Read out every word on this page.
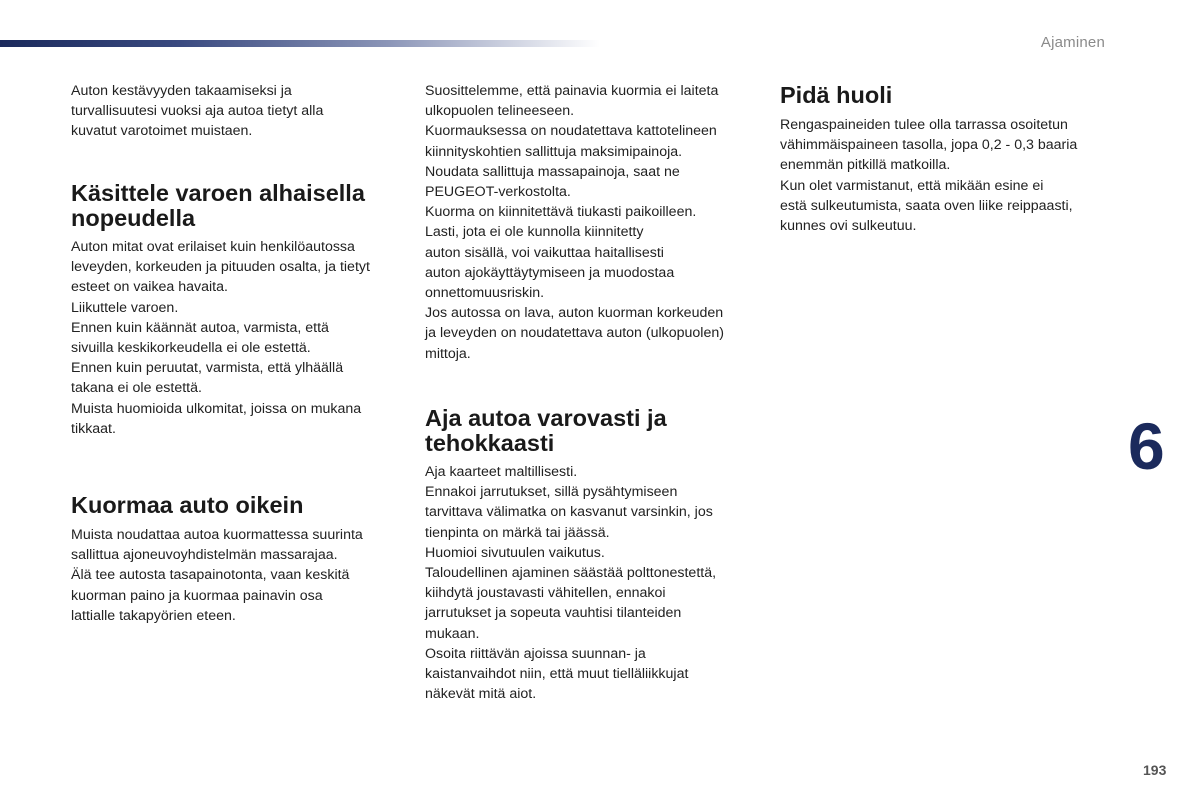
Ajaminen

Auton kestävyyden takaamiseksi ja

turvallisuutesi vuoksi aja autoa tietyt alla

kuvatut varotoimet muistaen.

Käsittele varoen alhaisella
nopeudella

Auton mitat ovat erilaiset kuin henkilöautossa

leveyden, korkeuden ja pituuden osalta, ja tietyt

esteet on vaikea havaita.

Liikuttele varoen.

Ennen kuin käännät autoa, varmista, että

sivuilla keskikorkeudella ei ole estettä.

Ennen kuin peruutat, varmista, että ylhäällä

takana ei ole estettä.

Muista huomioida ulkomitat, joissa on mukana

tikkaat.

Kuormaa auto oikein

Muista noudattaa autoa kuormattessa suurinta

sallittua ajoneuvoyhdistelmän massarajaa.

Älä tee autosta tasapainotonta, vaan keskitä

kuorman paino ja kuormaa painavin osa

lattialle takapyörien eteen.

Suosittelemme, että painavia kuormia ei laiteta

ulkopuolen telineeseen.

Kuormauksessa on noudatettava kattotelineen

kiinnityskohtien sallittuja maksimipainoja.

Noudata sallittuja massapainoja, saat ne

PEUGEOT-verkostolta.

Kuorma on kiinnitettävä tiukasti paikoilleen.

Lasti, jota ei ole kunnolla kiinnitetty

auton sisällä, voi vaikuttaa haitallisesti

auton ajokäyttäytymiseen ja muodostaa

onnettomuusriskin.

Jos autossa on lava, auton kuorman korkeuden

ja leveyden on noudatettava auton (ulkopuolen)

mittoja.

Aja autoa varovasti ja
tehokkaasti

Aja kaarteet maltillisesti.

Ennakoi jarrutukset, sillä pysähtymiseen

tarvittava välimatka on kasvanut varsinkin, jos

tienpinta on märkä tai jäässä.

Huomioi sivutuulen vaikutus.

Taloudellinen ajaminen säästää polttonestettä,

kiihdytä joustavasti vähitellen, ennakoi

jarrutukset ja sopeuta vauhtisi tilanteiden

mukaan.

Osoita riittävän ajoissa suunnan- ja

kaistanvaihdot niin, että muut tielläliikkujat

näkevät mitä aiot.

Pidä huoli

Rengaspaineiden tulee olla tarrassa osoitetun

vähimmäispaineen tasolla, jopa 0,2 - 0,3 baaria

enemmän pitkillä matkoilla.

Kun olet varmistanut, että mikään esine ei

estä sulkeutumista, saata oven liike reippaasti,

kunnes ovi sulkeutuu.

6
193
